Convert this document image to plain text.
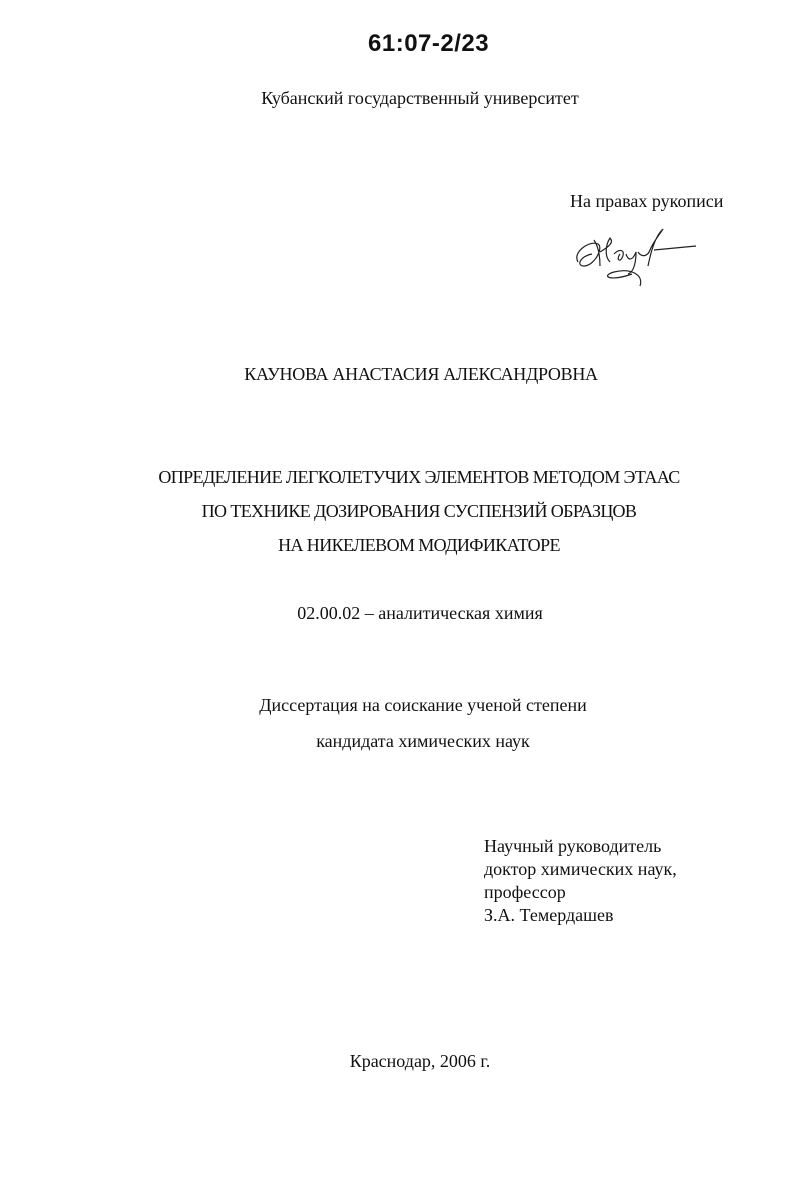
61:07-2/23
Кубанский государственный университет
На правах рукописи
КАУНОВА АНАСТАСИЯ АЛЕКСАНДРОВНА
ОПРЕДЕЛЕНИЕ ЛЕГКОЛЕТУЧИХ ЭЛЕМЕНТОВ МЕТОДОМ ЭТААС
ПО ТЕХНИКЕ ДОЗИРОВАНИЯ СУСПЕНЗИЙ ОБРАЗЦОВ
НА НИКЕЛЕВОМ МОДИФИКАТОРЕ
02.00.02 – аналитическая химия
Диссертация на соискание ученой степени
кандидата химических наук
Научный руководитель
доктор химических наук,
профессор
З.А. Темердашев
Краснодар, 2006 г.
